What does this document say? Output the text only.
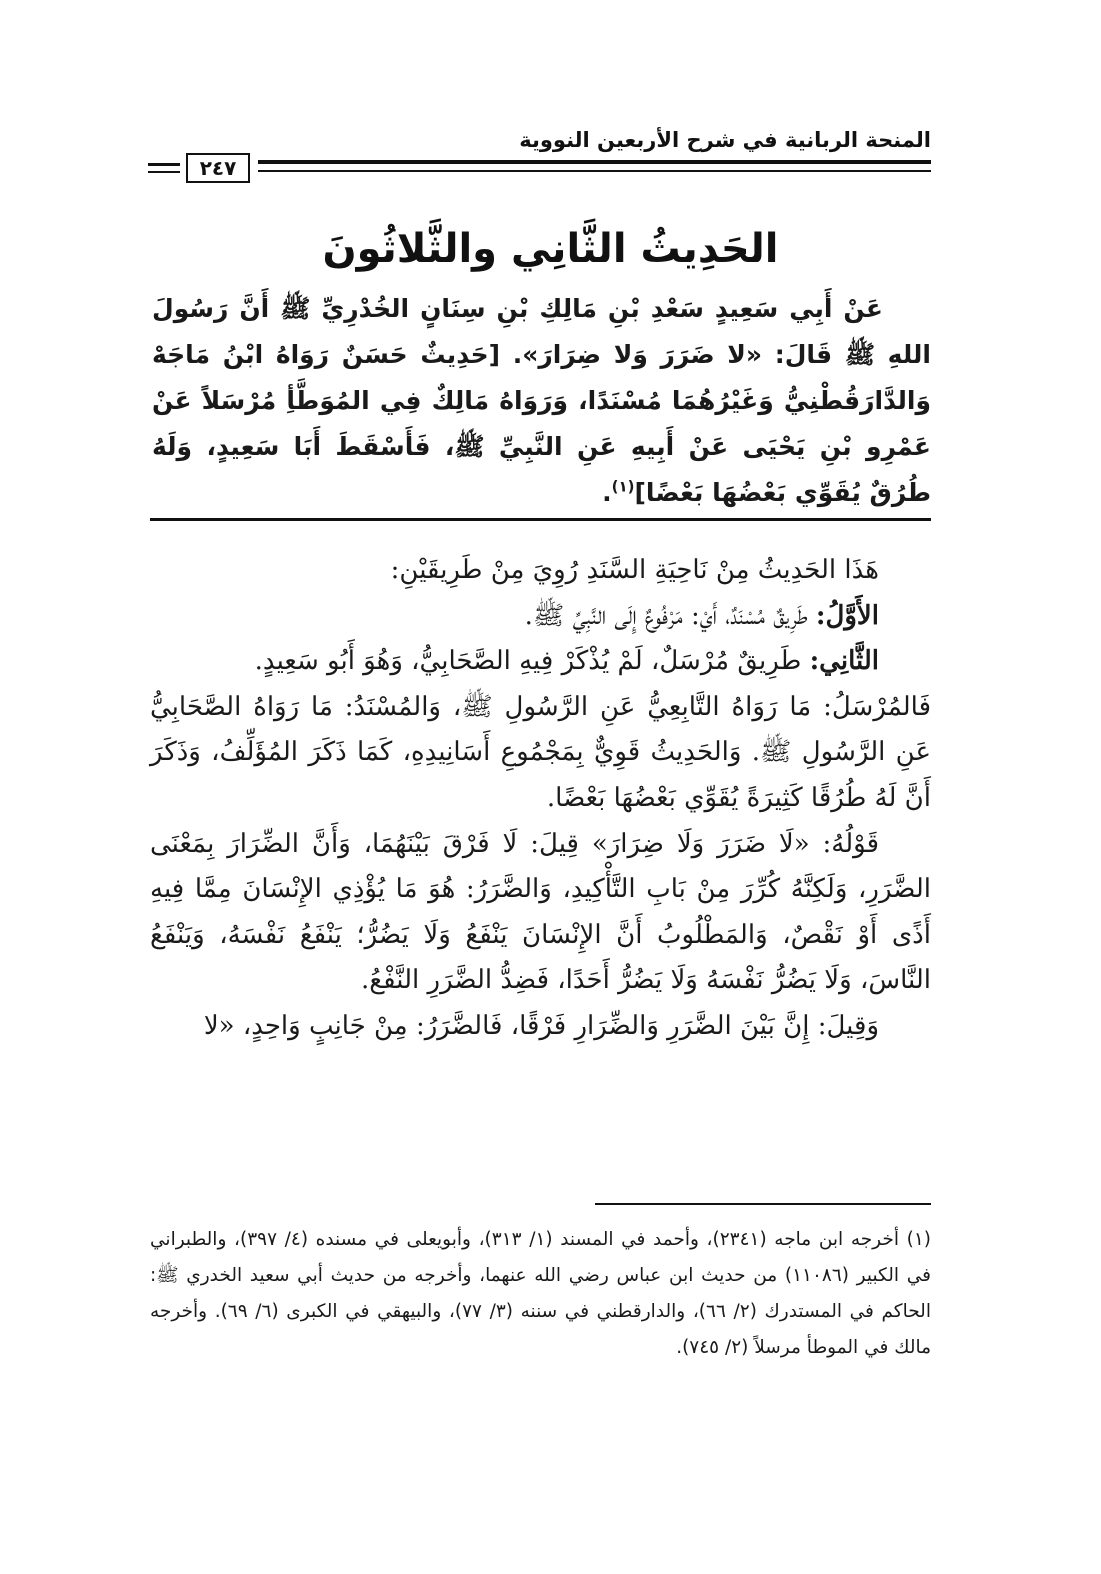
المنحة الربانية في شرح الأربعين النووية
٢٤٧
الحَدِيثُ الثَّانِي والثَّلاثُونَ

عَنْ أَبِي سَعِيدٍ سَعْدِ بْنِ مَالِكِ بْنِ سِنَانٍ الخُدْرِيِّ ﷺ أَنَّ رَسُولَ اللهِ ﷺ قَالَ: «لا ضَرَرَ وَلا ضِرَارَ». [حَدِيثٌ حَسَنٌ رَوَاهُ ابْنُ مَاجَهْ وَالدَّارَقُطْنِيُّ وَغَيْرُهُمَا مُسْنَدًا، وَرَوَاهُ مَالِكٌ فِي المُوَطَّأِ مُرْسَلاً عَنْ عَمْرِو بْنِ يَحْيَى عَنْ أَبِيهِ عَنِ النَّبِيِّ ﷺ، فَأَسْقَطَ أَبَا سَعِيدٍ، وَلَهُ طُرُقٌ يُقَوِّي بَعْضُهَا بَعْضًا]$^{(١)}$.

هَذَا الحَدِيثُ مِنْ نَاحِيَةِ السَّنَدِ رُوِيَ مِنْ طَرِيقَيْنِ:

الأَوَّلُ: طَرِيقٌ مُسْنَدٌ، أَيْ: مَرْفُوعٌ إِلَى النَّبِيِّ ﷺ.

الثَّانِي: طَرِيقٌ مُرْسَلٌ، لَمْ يُذْكَرْ فِيهِ الصَّحَابِيُّ، وَهُوَ أَبُو سَعِيدٍ.

فَالمُرْسَلُ: مَا رَوَاهُ التَّابِعِيُّ عَنِ الرَّسُولِ ﷺ، وَالمُسْنَدُ: مَا رَوَاهُ الصَّحَابِيُّ عَنِ الرَّسُولِ ﷺ. وَالحَدِيثُ قَوِيٌّ بِمَجْمُوعِ أَسَانِيدِهِ، كَمَا ذَكَرَ المُؤَلِّفُ، وَذَكَرَ أَنَّ لَهُ طُرُقًا كَثِيرَةً يُقَوِّي بَعْضُهَا بَعْضًا.

قَوْلُهُ: «لَا ضَرَرَ وَلَا ضِرَارَ» قِيلَ: لَا فَرْقَ بَيْنَهُمَا، وَأَنَّ الضِّرَارَ بِمَعْنَى الضَّرَرِ، وَلَكِنَّهُ كُرِّرَ مِنْ بَابِ التَّأْكِيدِ، وَالضَّرَرُ: هُوَ مَا يُؤْذِي الإِنْسَانَ مِمَّا فِيهِ أَذًى أَوْ نَقْصٌ، وَالمَطْلُوبُ أَنَّ الإِنْسَانَ يَنْفَعُ وَلَا يَضُرُّ؛ يَنْفَعُ نَفْسَهُ، وَيَنْفَعُ النَّاسَ، وَلَا يَضُرُّ نَفْسَهُ وَلَا يَضُرُّ أَحَدًا، فَضِدُّ الضَّرَرِ النَّفْعُ.

وَقِيلَ: إِنَّ بَيْنَ الضَّرَرِ وَالضِّرَارِ فَرْقًا، فَالضَّرَرُ: مِنْ جَانِبٍ وَاحِدٍ، «لا

(١) أخرجه ابن ماجه (٢٣٤١)، وأحمد في المسند (١/ ٣١٣)، وأبويعلى في مسنده (٤/ ٣٩٧)، والطبراني في الكبير (١١٠٨٦) من حديث ابن عباس رضي الله عنهما، وأخرجه من حديث أبي سعيد الخدري ﷺ: الحاكم في المستدرك (٢/ ٦٦)، والدارقطني في سننه (٣/ ٧٧)، والبيهقي في الكبرى (٦/ ٦٩). وأخرجه مالك في الموطأ مرسلاً (٢/ ٧٤٥).
